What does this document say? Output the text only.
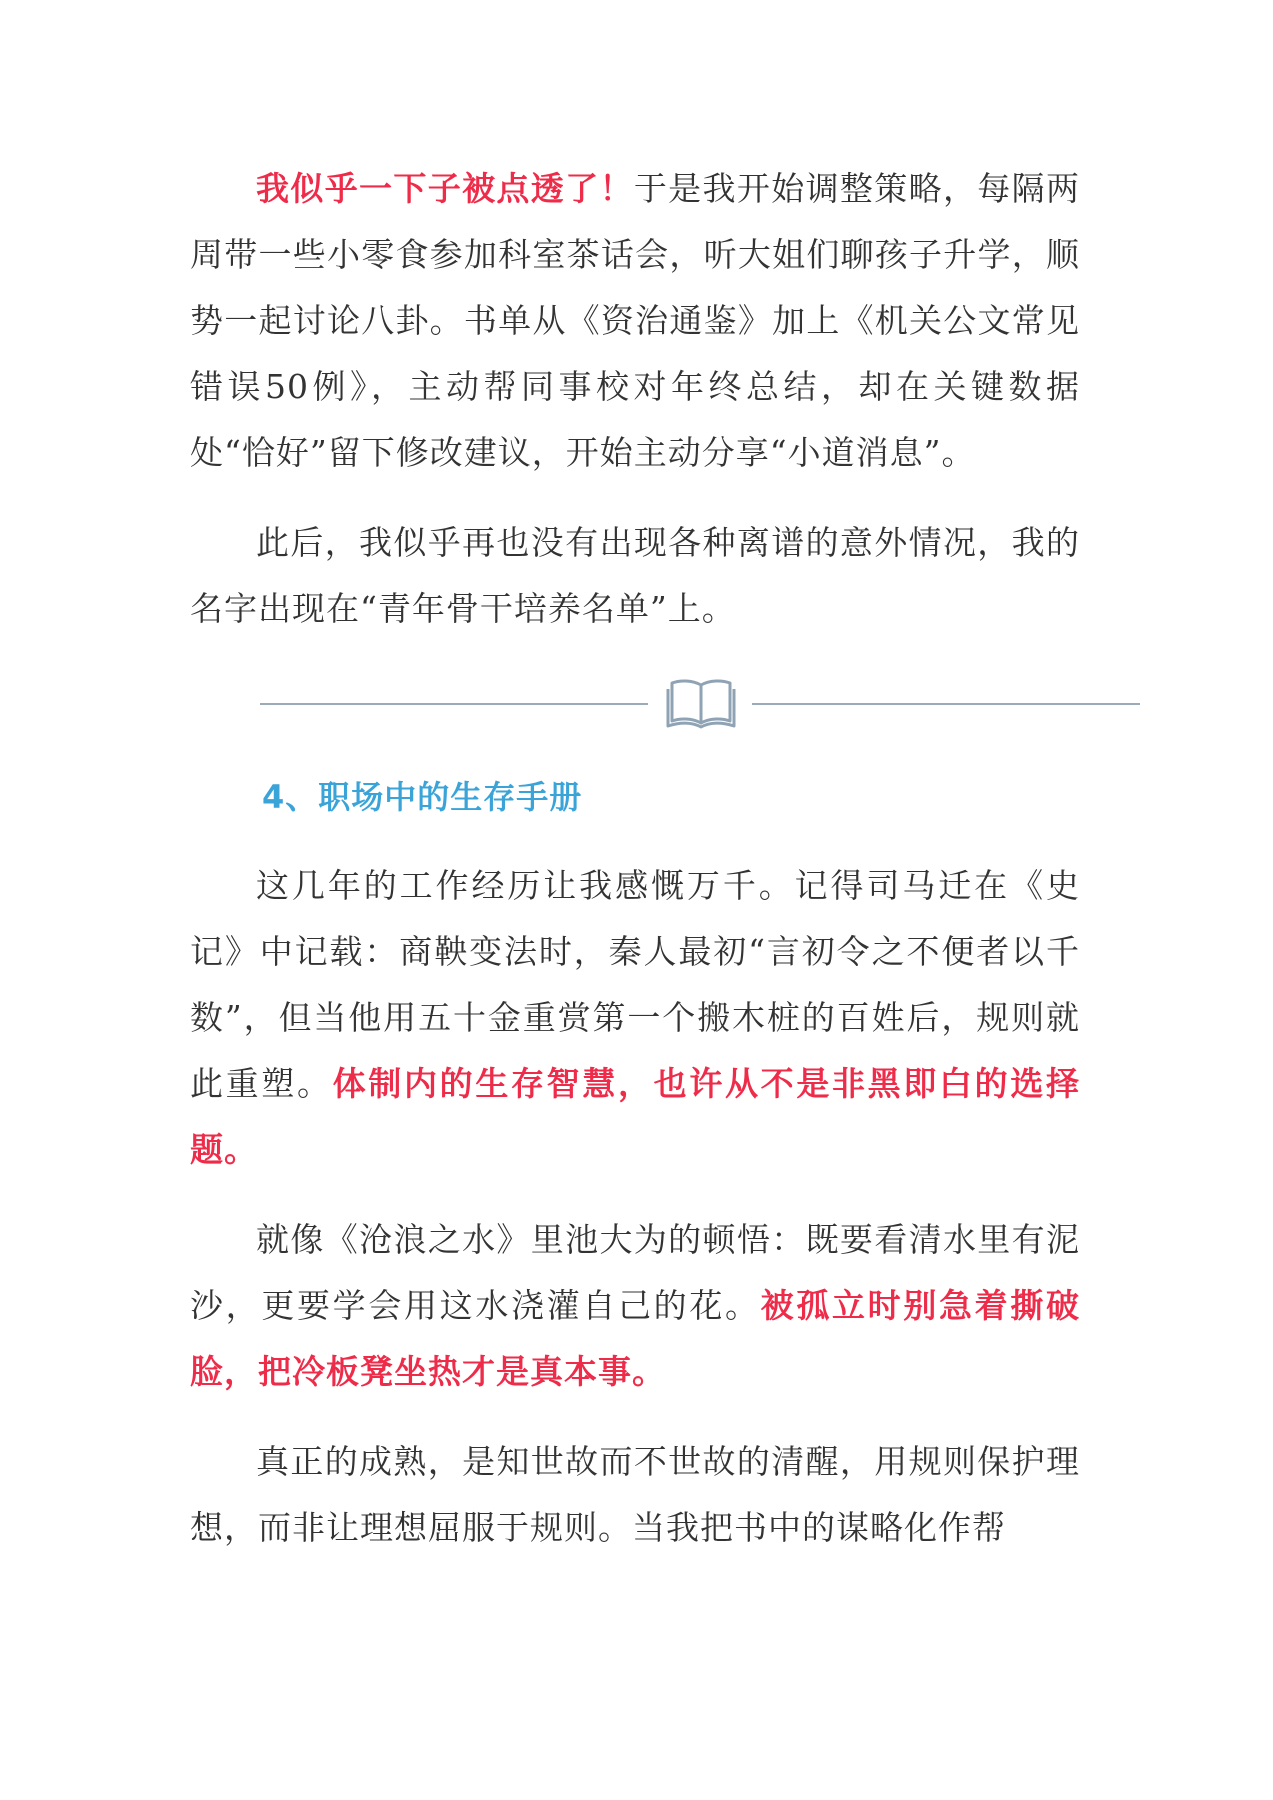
我似乎一下子被点透了！于是我开始调整策略，每隔两周带一些小零食参加科室茶话会，听大姐们聊孩子升学，顺势一起讨论八卦。书单从《资治通鉴》加上《机关公文常见错误50例》，主动帮同事校对年终总结，却在关键数据处“恰好”留下修改建议，开始主动分享“小道消息”。

此后，我似乎再也没有出现各种离谱的意外情况，我的名字出现在“青年骨干培养名单”上。

4、职场中的生存手册

这几年的工作经历让我感慨万千。记得司马迁在《史记》中记载：商鞅变法时，秦人最初“言初令之不便者以千数”，但当他用五十金重赏第一个搬木桩的百姓后，规则就此重塑。体制内的生存智慧，也许从不是非黑即白的选择题。

就像《沧浪之水》里池大为的顿悟：既要看清水里有泥沙，更要学会用这水浇灌自己的花。被孤立时别急着撕破脸，把冷板凳坐热才是真本事。

真正的成熟，是知世故而不世故的清醒，用规则保护理想，而非让理想屈服于规则。当我把书中的谋略化作帮
